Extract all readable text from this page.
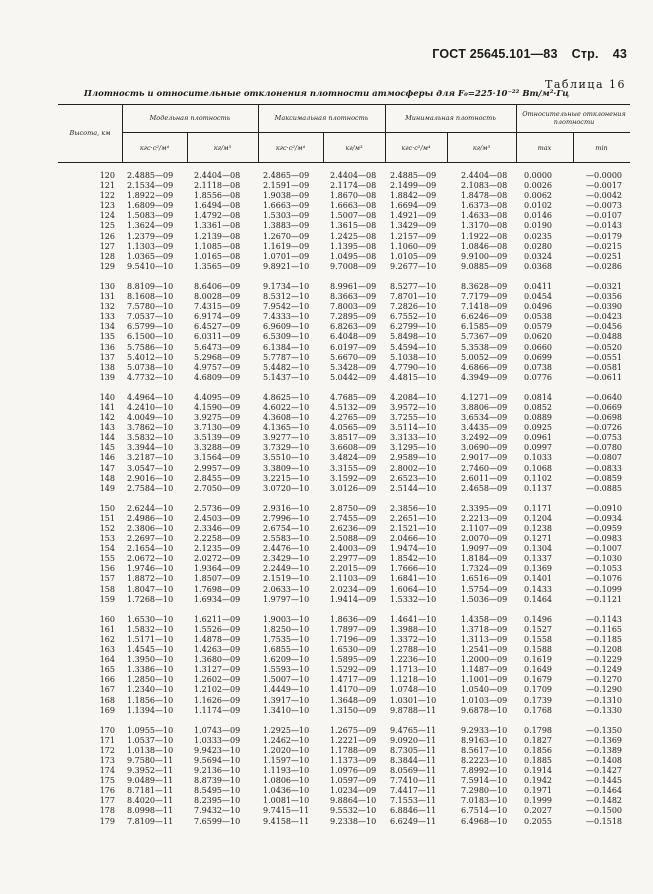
ГОСТ 25645.101—83 Стр. 43
Таблица 16
Плотность и относительные отклонения плотности атмосферы для F₀=225·10⁻²² Вт/м²·Гц
Высота, км
Модельная плотность	Максимальная плотность	Минимальная плотность	Относительные отклонения плотности
кгс·с²/м⁴	кг/м³	кгс·с²/м⁴	кг/м³	кгс·с²/м⁴	кг/м³	max	min
120	2.4885—09	2.4404—08	2.4865—09	2.4404—08	2.4885—09	2.4404—08	0.0000	—0.0000
121	2.1534—09	2.1118—08	2.1591—09	2.1174—08	2.1499—09	2.1083—08	0.0026	—0.0017
122	1.8922—09	1.8556—08	1.9038—09	1.8670—08	1.8842—09	1.8478—08	0.0062	—0.0042
123	1.6809—09	1.6494—08	1.6663—09	1.6663—08	1.6694—09	1.6373—08	0.0102	—0.0073
124	1.5083—09	1.4792—08	1.5303—09	1.5007—08	1.4921—09	1.4633—08	0.0146	—0.0107
125	1.3624—09	1.3361—08	1.3883—09	1.3615—08	1.3429—09	1.3170—08	0.0190	—0.0143
126	1.2379—09	1.2139—08	1.2670—09	1.2425—08	1.2157—09	1.1922—08	0.0235	—0.0179
127	1.1303—09	1.1085—08	1.1619—09	1.1395—08	1.1060—09	1.0846—08	0.0280	—0.0215
128	1.0365—09	1.0165—08	1.0701—09	1.0495—08	1.0105—09	9.9100—09	0.0324	—0.0251
129	9.5410—10	1.3565—09	9.8921—10	9.7008—09	9.2677—10	9.0885—09	0.0368	—0.0286
130	8.8109—10	8.6406—09	9.1734—10	8.9961—09	8.5277—10	8.3628—09	0.0411	—0.0321
131	8.1608—10	8.0028—09	8.5312—10	8.3663—09	7.8701—10	7.7179—09	0.0454	—0.0356
132	7.5780—10	7.4315—09	7.9542—10	7.8003—09	7.2826—10	7.1418—09	0.0496	—0.0390
133	7.0537—10	6.9174—09	7.4333—10	7.2895—09	6.7552—10	6.6246—09	0.0538	—0.0423
134	6.5799—10	6.4527—09	6.9609—10	6.8263—09	6.2799—10	6.1585—09	0.0579	—0.0456
135	6.1500—10	6.0311—09	6.5309—10	6.4048—09	5.8498—10	5.7367—09	0.0620	—0.0488
136	5.7586—10	5.6473—09	6.1384—10	6.0197—09	5.4594—10	5.3538—09	0.0660	—0.0520
137	5.4012—10	5.2968—09	5.7787—10	5.6670—09	5.1038—10	5.0052—09	0.0699	—0.0551
138	5.0738—10	4.9757—09	5.4482—10	5.3428—09	4.7790—10	4.6866—09	0.0738	—0.0581
139	4.7732—10	4.6809—09	5.1437—10	5.0442—09	4.4815—10	4.3949—09	0.0776	—0.0611
140	4.4964—10	4.4095—09	4.8625—10	4.7685—09	4.2084—10	4.1271—09	0.0814	—0.0640
141	4.2410—10	4.1590—09	4.6022—10	4.5132—09	3.9572—10	3.8806—09	0.0852	—0.0669
142	4.0049—10	3.9275—09	4.3608—10	4.2765—09	3.7255—10	3.6534—09	0.0889	—0.0698
143	3.7862—10	3.7130—09	4.1365—10	4.0565—09	3.5114—10	3.4435—09	0.0925	—0.0726
144	3.5832—10	3.5139—09	3.9277—10	3.8517—09	3.3133—10	3.2492—09	0.0961	—0.0753
145	3.3944—10	3.3288—09	3.7329—10	3.6608—09	3.1295—10	3.0690—09	0.0997	—0.0780
146	3.2187—10	3.1564—09	3.5510—10	3.4824—09	2.9589—10	2.9017—09	0.1033	—0.0807
147	3.0547—10	2.9957—09	3.3809—10	3.3155—09	2.8002—10	2.7460—09	0.1068	—0.0833
148	2.9016—10	2.8455—09	3.2215—10	3.1592—09	2.6523—10	2.6011—09	0.1102	—0.0859
149	2.7584—10	2.7050—09	3.0720—10	3.0126—09	2.5144—10	2.4658—09	0.1137	—0.0885
150	2.6244—10	2.5736—09	2.9316—10	2.8750—09	2.3856—10	2.3395—09	0.1171	—0.0910
151	2.4986—10	2.4503—09	2.7996—10	2.7455—09	2.2651—10	2.2213—09	0.1204	—0.0934
152	2.3806—10	2.3346—09	2.6754—10	2.6236—09	2.1521—10	2.1107—09	0.1238	—0.0959
153	2.2697—10	2.2258—09	2.5583—10	2.5088—09	2.0466—10	2.0070—09	0.1271	—0.0983
154	2.1654—10	2.1235—09	2.4476—10	2.4003—09	1.9474—10	1.9097—09	0.1304	—0.1007
155	2.0672—10	2.0272—09	2.3429—10	2.2977—09	1.8542—10	1.8184—09	0.1337	—0.1030
156	1.9746—10	1.9364—09	2.2449—10	2.2015—09	1.7666—10	1.7324—09	0.1369	—0.1053
157	1.8872—10	1.8507—09	2.1519—10	2.1103—09	1.6841—10	1.6516—09	0.1401	—0.1076
158	1.8047—10	1.7698—09	2.0633—10	2.0234—09	1.6064—10	1.5754—09	0.1433	—0.1099
159	1.7268—10	1.6934—09	1.9797—10	1.9414—09	1.5332—10	1.5036—09	0.1464	—0.1121
160	1.6530—10	1.6211—09	1.9003—10	1.8636—09	1.4641—10	1.4358—09	0.1496	—0.1143
161	1.5832—10	1.5526—09	1.8250—10	1.7897—09	1.3988—10	1.3718—09	0.1527	—0.1165
162	1.5171—10	1.4878—09	1.7535—10	1.7196—09	1.3372—10	1.3113—09	0.1558	—0.1185
163	1.4545—10	1.4263—09	1.6855—10	1.6530—09	1.2788—10	1.2541—09	0.1588	—0.1208
164	1.3950—10	1.3680—09	1.6209—10	1.5895—09	1.2236—10	1.2000—09	0.1619	—0.1229
165	1.3386—10	1.3127—09	1.5593—10	1.5292—09	1.1713—10	1.1487—09	0.1649	—0.1249
166	1.2850—10	1.2602—09	1.5007—10	1.4717—09	1.1218—10	1.1001—09	0.1679	—0.1270
167	1.2340—10	1.2102—09	1.4449—10	1.4170—09	1.0748—10	1.0540—09	0.1709	—0.1290
168	1.1856—10	1.1626—09	1.3917—10	1.3648—09	1.0301—10	1.0103—09	0.1739	—0.1310
169	1.1394—10	1.1174—09	1.3410—10	1.3150—09	9.8788—11	9.6878—10	0.1768	—0.1330
170	1.0955—10	1.0743—09	1.2925—10	1.2675—09	9.4765—11	9.2933—10	0.1798	—0.1350
171	1.0537—10	1.0333—09	1.2462—10	1.2221—09	9.0920—11	8.9163—10	0.1827	—0.1369
172	1.0138—10	9.9423—10	1.2020—10	1.1788—09	8.7305—11	8.5617—10	0.1856	—0.1389
173	9.7580—11	9.5694—10	1.1597—10	1.1373—09	8.3844—11	8.2223—10	0.1885	—0.1408
174	9.3952—11	9.2136—10	1.1193—10	1.0976—09	8.0569—11	7.8992—10	0.1914	—0.1427
175	9.0489—11	8.8739—10	1.0806—10	1.0597—09	7.7410—11	7.5914—10	0.1942	—0.1445
176	8.7181—11	8.5495—10	1.0436—10	1.0234—09	7.4417—11	7.2980—10	0.1971	—0.1464
177	8.4020—11	8.2395—10	1.0081—10	9.8864—10	7.1553—11	7.0183—10	0.1999	—0.1482
178	8.0998—11	7.9432—10	9.7415—11	9.5532—10	6.8846—11	6.7514—10	0.2027	—0.1500
179	7.8109—11	7.6599—10	9.4158—11	9.2338—10	6.6249—11	6.4968—10	0.2055	—0.1518
